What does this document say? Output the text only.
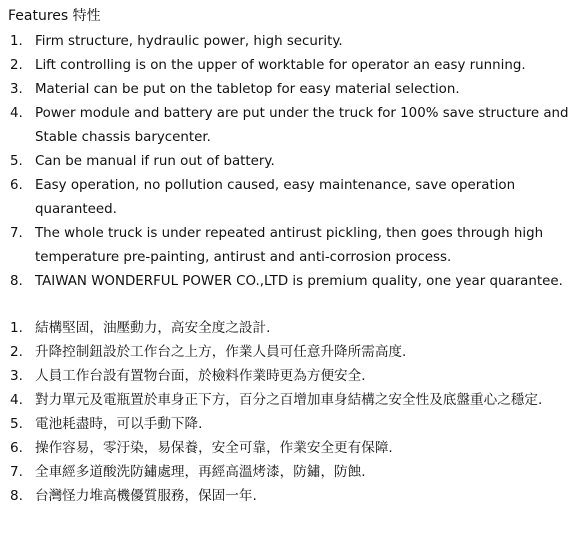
Features 特性
1. Firm structure, hydraulic power, high security.
2. Lift controlling is on the upper of worktable for operator an easy running.
3. Material can be put on the tabletop for easy material selection.
4. Power module and battery are put under the truck for 100% save structure and Stable chassis barycenter.
5. Can be manual if run out of battery.
6. Easy operation, no pollution caused, easy maintenance, save operation quaranteed.
7. The whole truck is under repeated antirust pickling, then goes through high temperature pre-painting, antirust and anti-corrosion process.
8. TAIWAN WONDERFUL POWER CO.,LTD is premium quality, one year quarantee.
1. 結構堅固，油壓動力，高安全度之設計.
2. 升降控制鈕設於工作台之上方，作業人員可任意升降所需高度.
3. 人員工作台設有置物台面，於檢料作業時更為方便安全.
4. 對力單元及電瓶置於車身正下方，百分之百增加車身結構之安全性及底盤重心之穩定.
5. 電池耗盡時，可以手動下降.
6. 操作容易，零汙染，易保養，安全可靠，作業安全更有保障.
7. 全車經多道酸洗防鏽處理，再經高溫烤漆，防鏽，防蝕.
8. 台灣怪力堆高機優質服務，保固一年.
